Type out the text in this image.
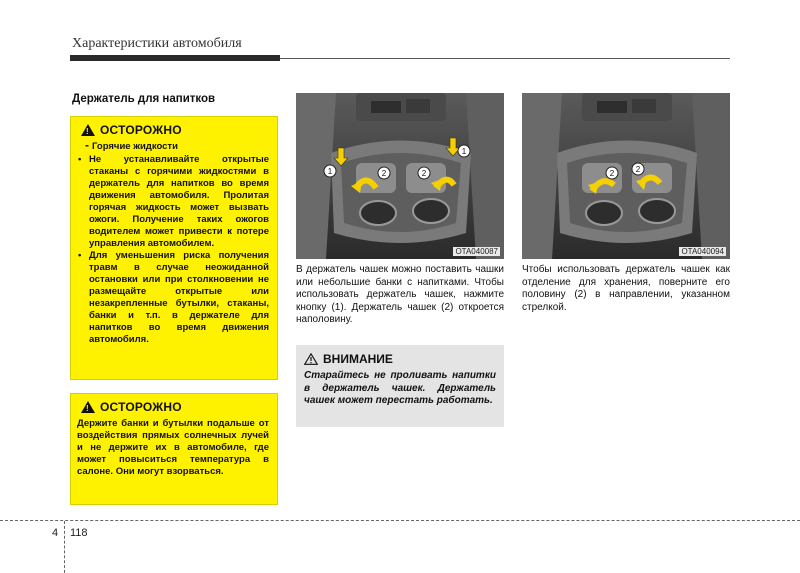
Характеристики автомобиля
Держатель для напитков
! ОСТОРОЖНО
- Горячие жидкости
• Не устанавливайте открытые стаканы с горячими жидкостями в держатель для напитков во время движения автомобиля. Пролитая горячая жидкость может вызвать ожоги. Получение таких ожогов водителем может привести к потере управления автомобилем.
• Для уменьшения риска получения травм в случае неожиданной остановки или при столкновении не размещайте открытые или незакрепленные бутылки, стаканы, банки и т.п. в держателе для напитков во время движения автомобиля.
! ОСТОРОЖНО
Держите банки и бутылки подальше от воздействия прямых солнечных лучей и не держите их в автомобиле, где может повыситься температура в салоне. Они могут взорваться.
1
1
2	2
OTA040087
2	2
OTA040094
В держатель чашек можно поставить чашки или небольшие банки с напитками. Чтобы использовать держатель чашек, нажмите кнопку (1). Держатель чашек (2) откроется наполовину.
Чтобы использовать держатель чашек как отделение для хранения, поверните его половину (2) в направлении, указанном стрелкой.
ВНИМАНИЕ
Старайтесь не проливать напитки в держатель чашек. Держатель чашек может перестать работать.
4 118
